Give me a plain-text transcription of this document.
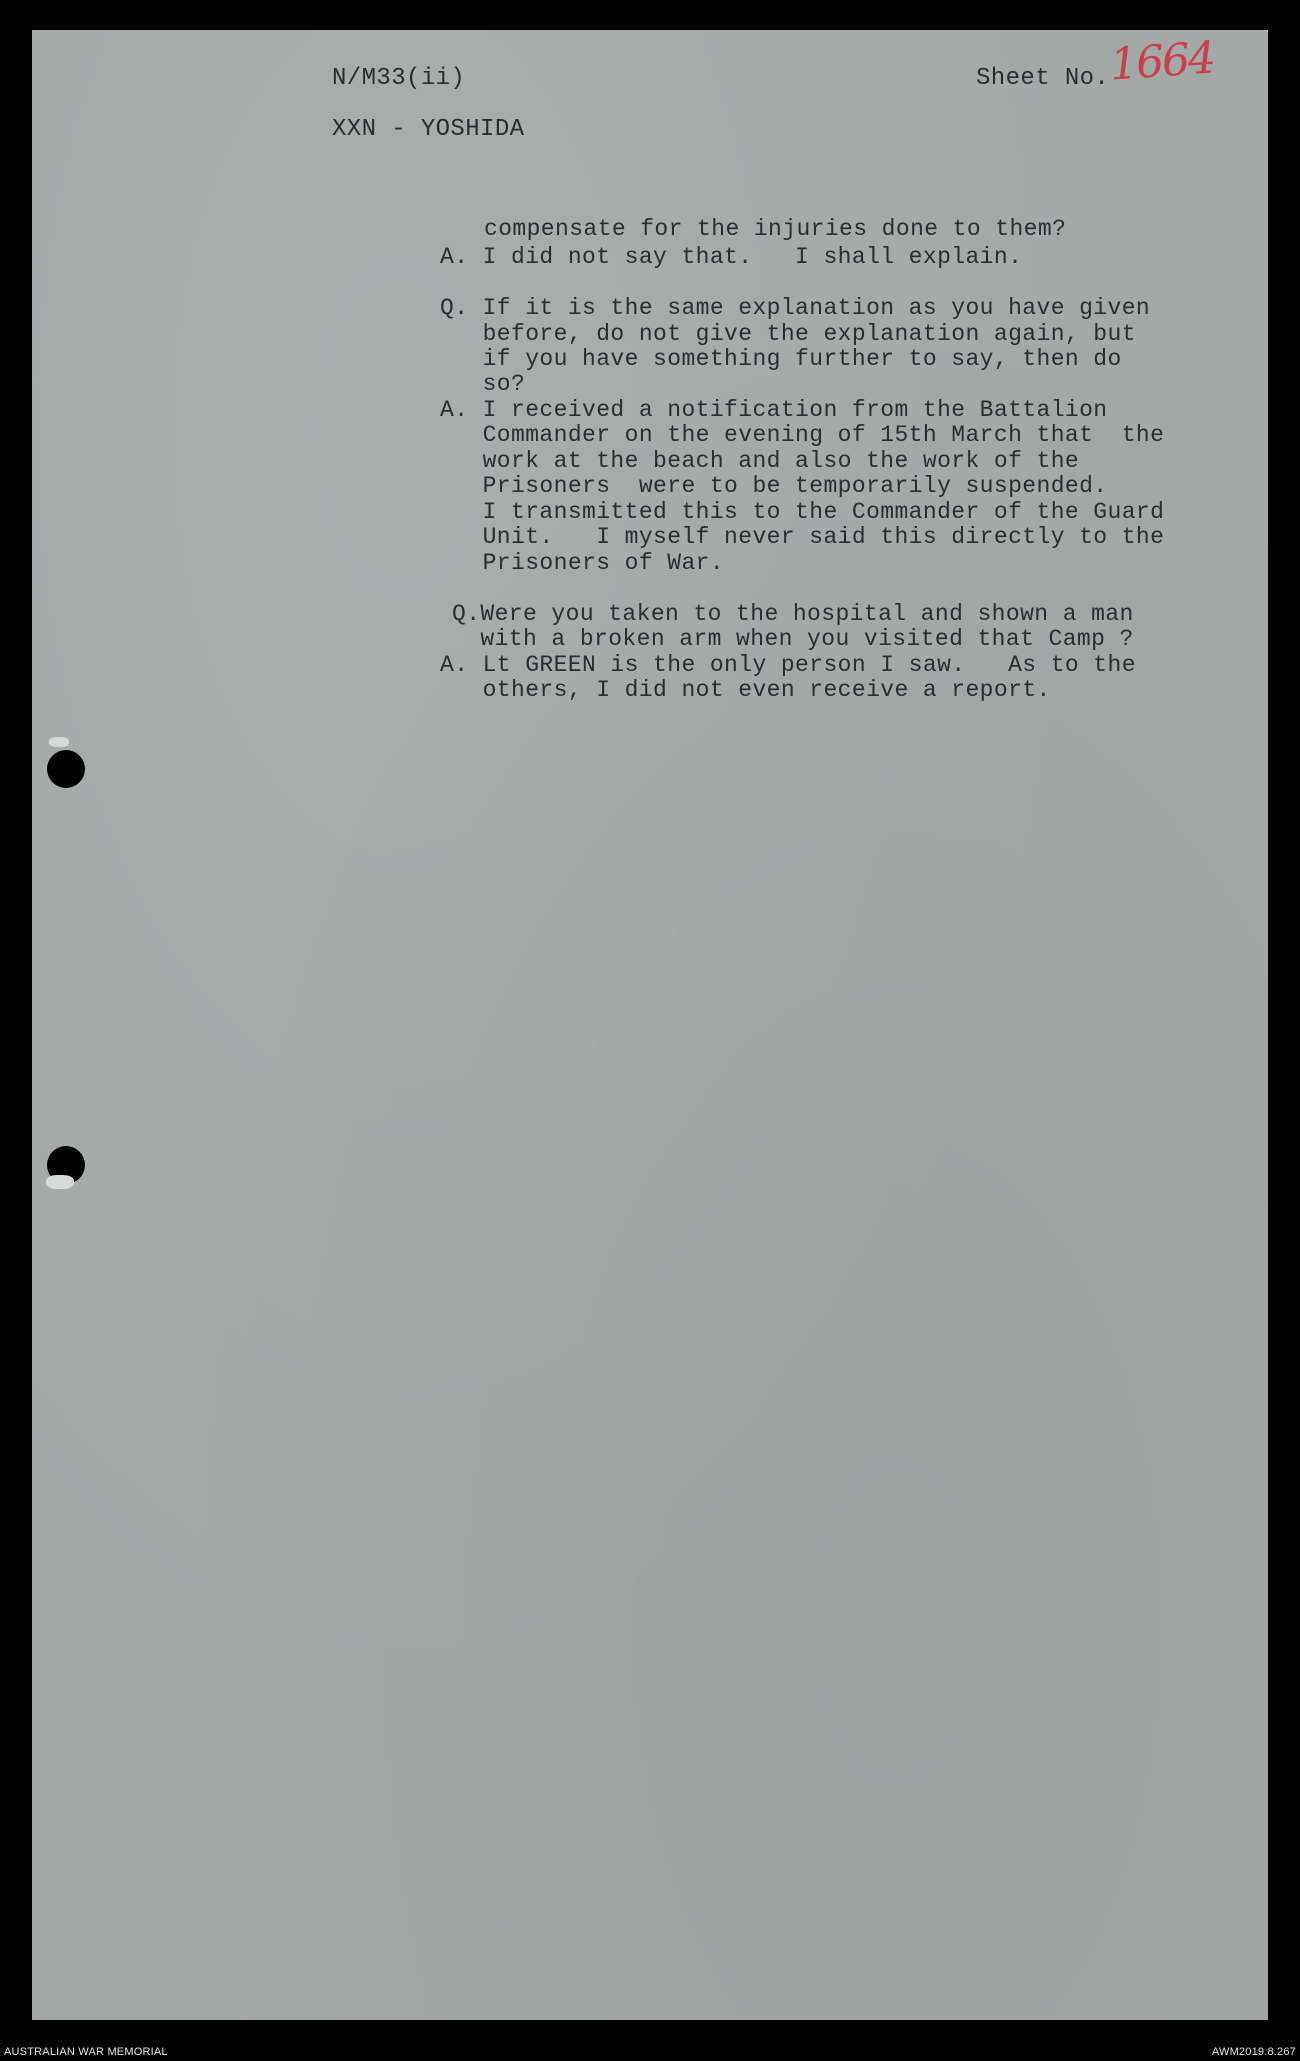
N/M33(ii)	Sheet No. 1664
XXN - YOSHIDA
compensate for the injuries done to them?
A. I did not say that.   I shall explain.
Q. If it is the same explanation as you have given
before, do not give the explanation again, but
if you have something further to say, then do
so?
A. I received a notification from the Battalion
Commander on the evening of 15th March that  the
work at the beach and also the work of the
Prisoners  were to be temporarily suspended.
I transmitted this to the Commander of the Guard
Unit.   I myself never said this directly to the
Prisoners of War.
Q.Were you taken to the hospital and shown a man
with a broken arm when you visited that Camp ?
A. Lt GREEN is the only person I saw.   As to the
others, I did not even receive a report.
AUSTRALIAN WAR MEMORIAL	AWM2019.8.267
